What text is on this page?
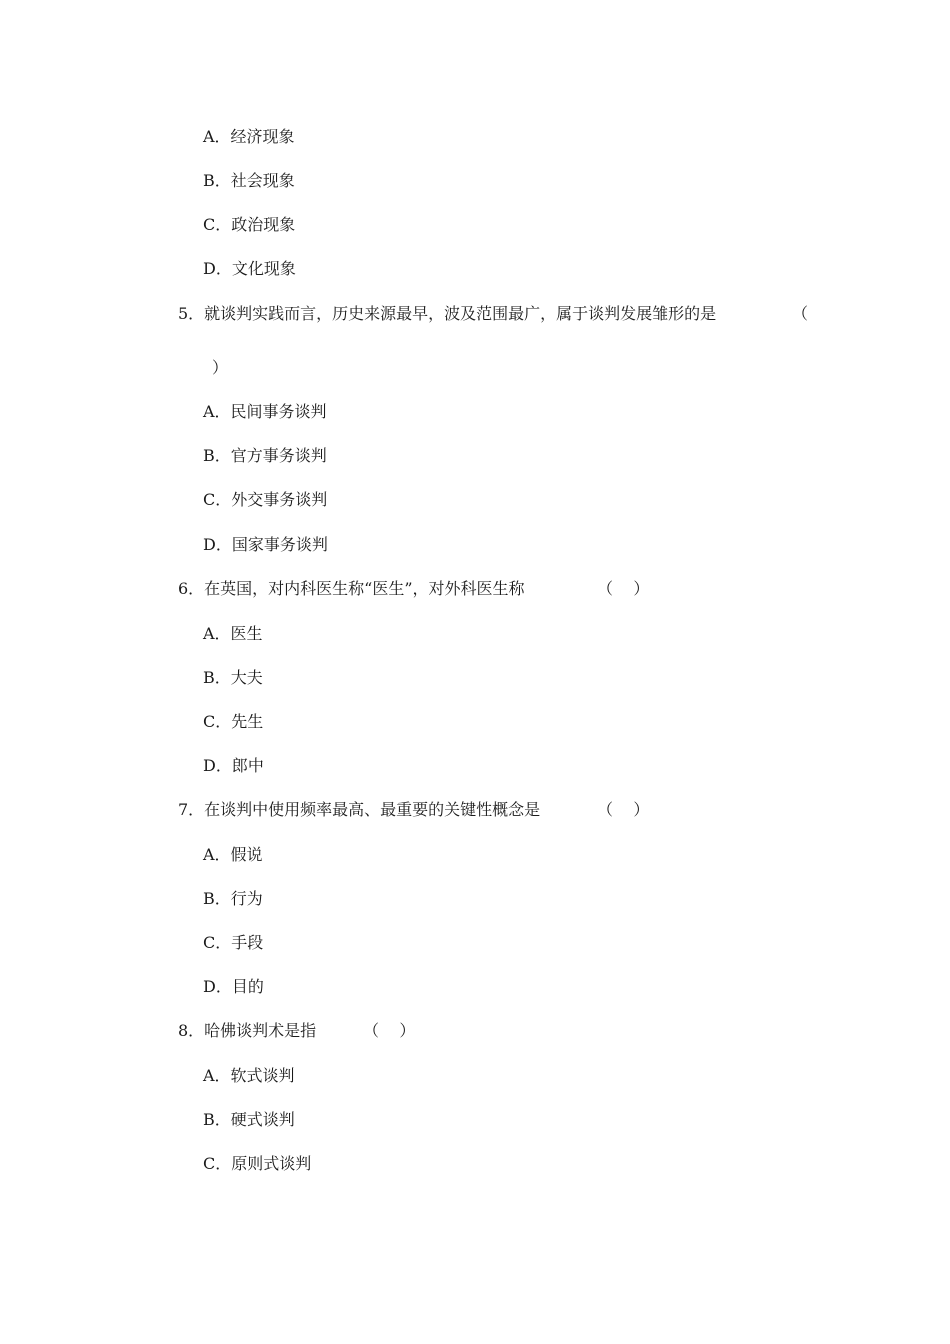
A．经济现象
B．社会现象
C．政治现象
D．文化现象
5．就谈判实践而言，历史来源最早，波及范围最广，属于谈判发展雏形的是	（
）
A．民间事务谈判
B．官方事务谈判
C．外交事务谈判
D．国家事务谈判
6．在英国，对内科医生称“医生”，对外科医生称	（    ）
A．医生
B．大夫
C．先生
D．郎中
7．在谈判中使用频率最高、最重要的关键性概念是	（    ）
A．假说
B．行为
C．手段
D．目的
8．哈佛谈判术是指	（    ）
A．软式谈判
B．硬式谈判
C．原则式谈判
